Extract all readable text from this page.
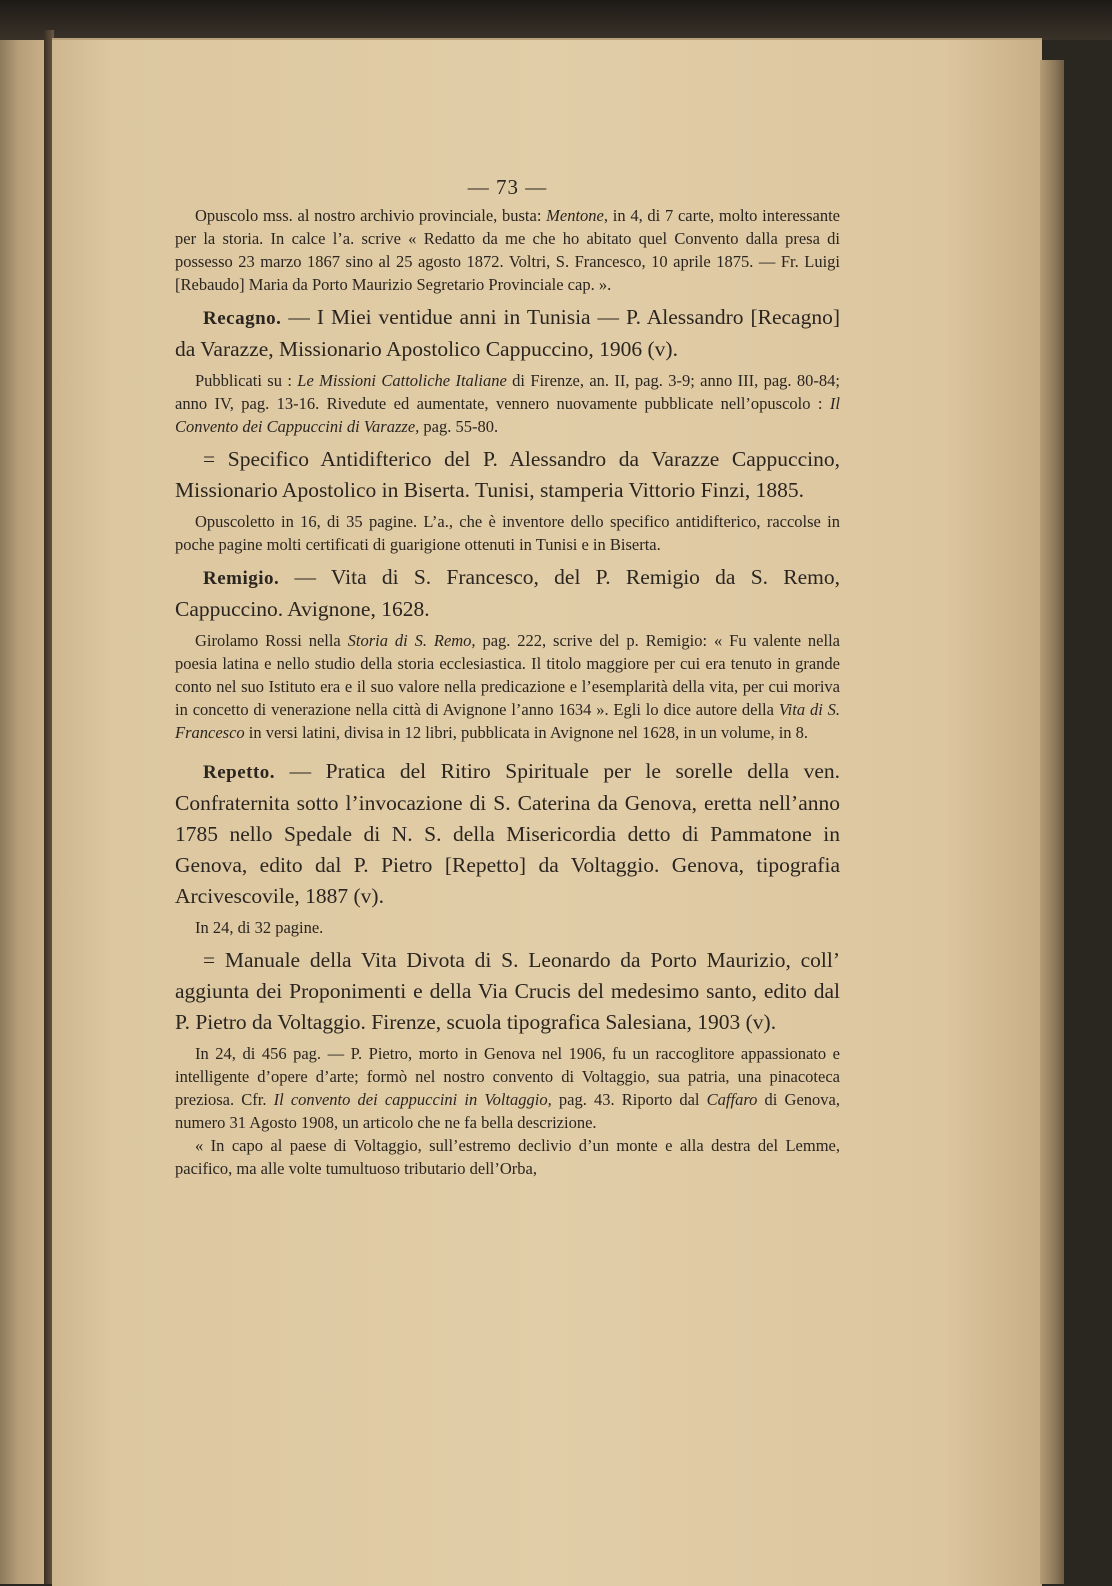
— 73 —

Opuscolo mss. al nostro archivio provinciale, busta: Mentone, in 4, di 7 carte, molto interessante per la storia. In calce l’a. scrive « Redatto da me che ho abitato quel Convento dalla presa di possesso 23 marzo 1867 sino al 25 agosto 1872. Voltri, S. Francesco, 10 aprile 1875. — Fr. Luigi [Rebaudo] Maria da Porto Maurizio Segretario Provinciale cap. ».

Recagno. — I Miei ventidue anni in Tunisia — P. Alessandro [Recagno] da Varazze, Missionario Apostolico Cappuccino, 1906 (v).

Pubblicati su : Le Missioni Cattoliche Italiane di Firenze, an. II, pag. 3-9; anno III, pag. 80-84; anno IV, pag. 13-16. Rivedute ed aumentate, vennero nuovamente pubblicate nell’opuscolo : Il Convento dei Cappuccini di Varazze, pag. 55-80.

= Specifico Antidifterico del P. Alessandro da Varazze Cappuccino, Missionario Apostolico in Biserta. Tunisi, stamperia Vittorio Finzi, 1885.

Opuscoletto in 16, di 35 pagine. L’a., che è inventore dello specifico antidifterico, raccolse in poche pagine molti certificati di guarigione ottenuti in Tunisi e in Biserta.

Remigio. — Vita di S. Francesco, del P. Remigio da S. Remo, Cappuccino. Avignone, 1628.

Girolamo Rossi nella Storia di S. Remo, pag. 222, scrive del p. Remigio: « Fu valente nella poesia latina e nello studio della storia ecclesiastica. Il titolo maggiore per cui era tenuto in grande conto nel suo Istituto era e il suo valore nella predicazione e l’esemplarità della vita, per cui moriva in concetto di venerazione nella città di Avignone l’anno 1634 ». Egli lo dice autore della Vita di S. Francesco in versi latini, divisa in 12 libri, pubblicata in Avignone nel 1628, in un volume, in 8.

Repetto. — Pratica del Ritiro Spirituale per le sorelle della ven. Confraternita sotto l’invocazione di S. Caterina da Genova, eretta nell’anno 1785 nello Spedale di N. S. della Misericordia detto di Pammatone in Genova, edito dal P. Pietro [Repetto] da Voltaggio. Genova, tipografia Arcivescovile, 1887 (v).

In 24, di 32 pagine.

= Manuale della Vita Divota di S. Leonardo da Porto Maurizio, coll’ aggiunta dei Proponimenti e della Via Crucis del medesimo santo, edito dal P. Pietro da Voltaggio. Firenze, scuola tipografica Salesiana, 1903 (v).

In 24, di 456 pag. — P. Pietro, morto in Genova nel 1906, fu un raccoglitore appassionato e intelligente d’opere d’arte; formò nel nostro convento di Voltaggio, sua patria, una pinacoteca preziosa. Cfr. Il convento dei cappuccini in Voltaggio, pag. 43. Riporto dal Caffaro di Genova, numero 31 Agosto 1908, un articolo che ne fa bella descrizione.

« In capo al paese di Voltaggio, sull’estremo declivio d’un monte e alla destra del Lemme, pacifico, ma alle volte tumultuoso tributario dell’Orba,
